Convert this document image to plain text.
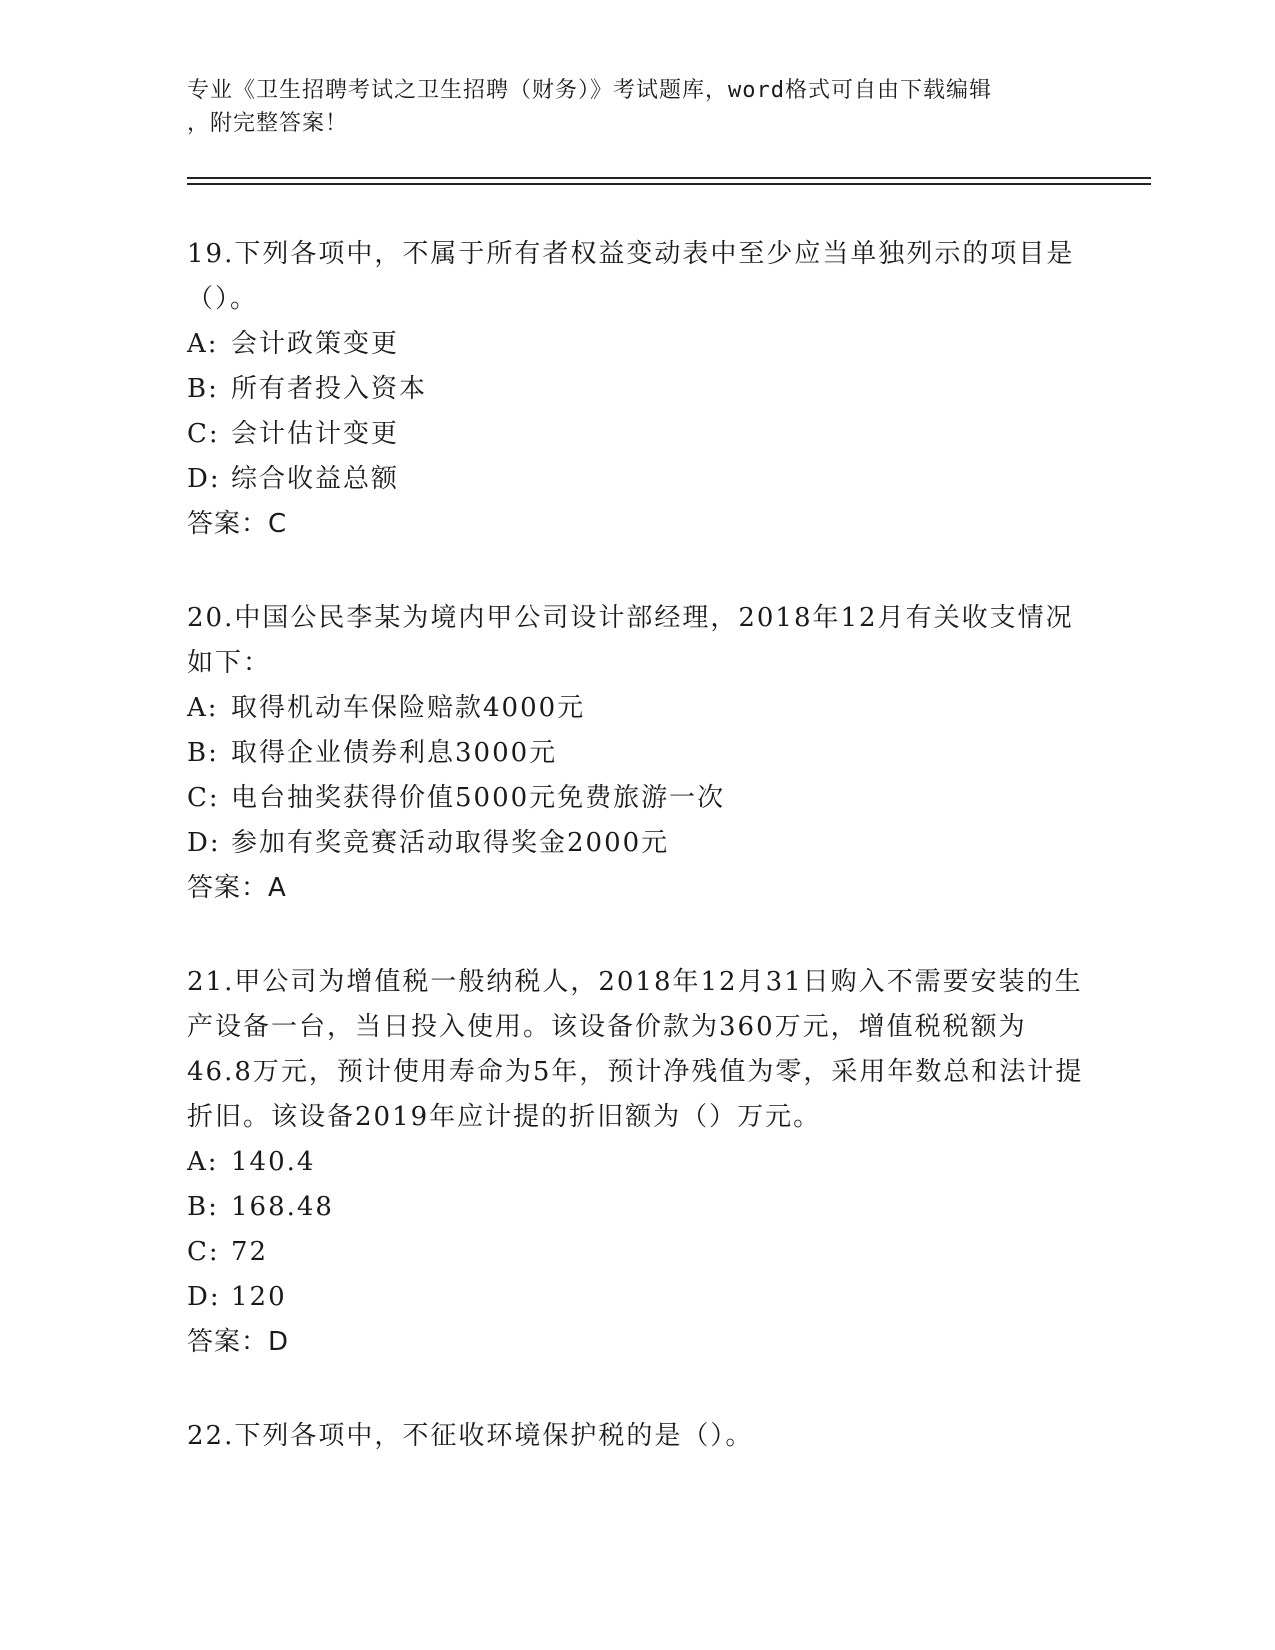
专业《卫生招聘考试之卫生招聘（财务）》考试题库，word格式可自由下载编辑
，附完整答案！

19.下列各项中，不属于所有者权益变动表中至少应当单独列示的项目是（）。

A: 会计政策变更

B: 所有者投入资本

C: 会计估计变更

D: 综合收益总额

答案：C

20.中国公民李某为境内甲公司设计部经理，2018年12月有关收支情况如下：

A: 取得机动车保险赔款4000元

B: 取得企业债券利息3000元

C: 电台抽奖获得价值5000元免费旅游一次

D: 参加有奖竞赛活动取得奖金2000元

答案：A

21.甲公司为增值税一般纳税人，2018年12月31日购入不需要安装的生产设备一台，当日投入使用。该设备价款为360万元，增值税税额为46.8万元，预计使用寿命为5年，预计净残值为零，采用年数总和法计提折旧。该设备2019年应计提的折旧额为（）万元。

A: 140.4

B: 168.48

C: 72

D: 120

答案：D

22.下列各项中，不征收环境保护税的是（）。
